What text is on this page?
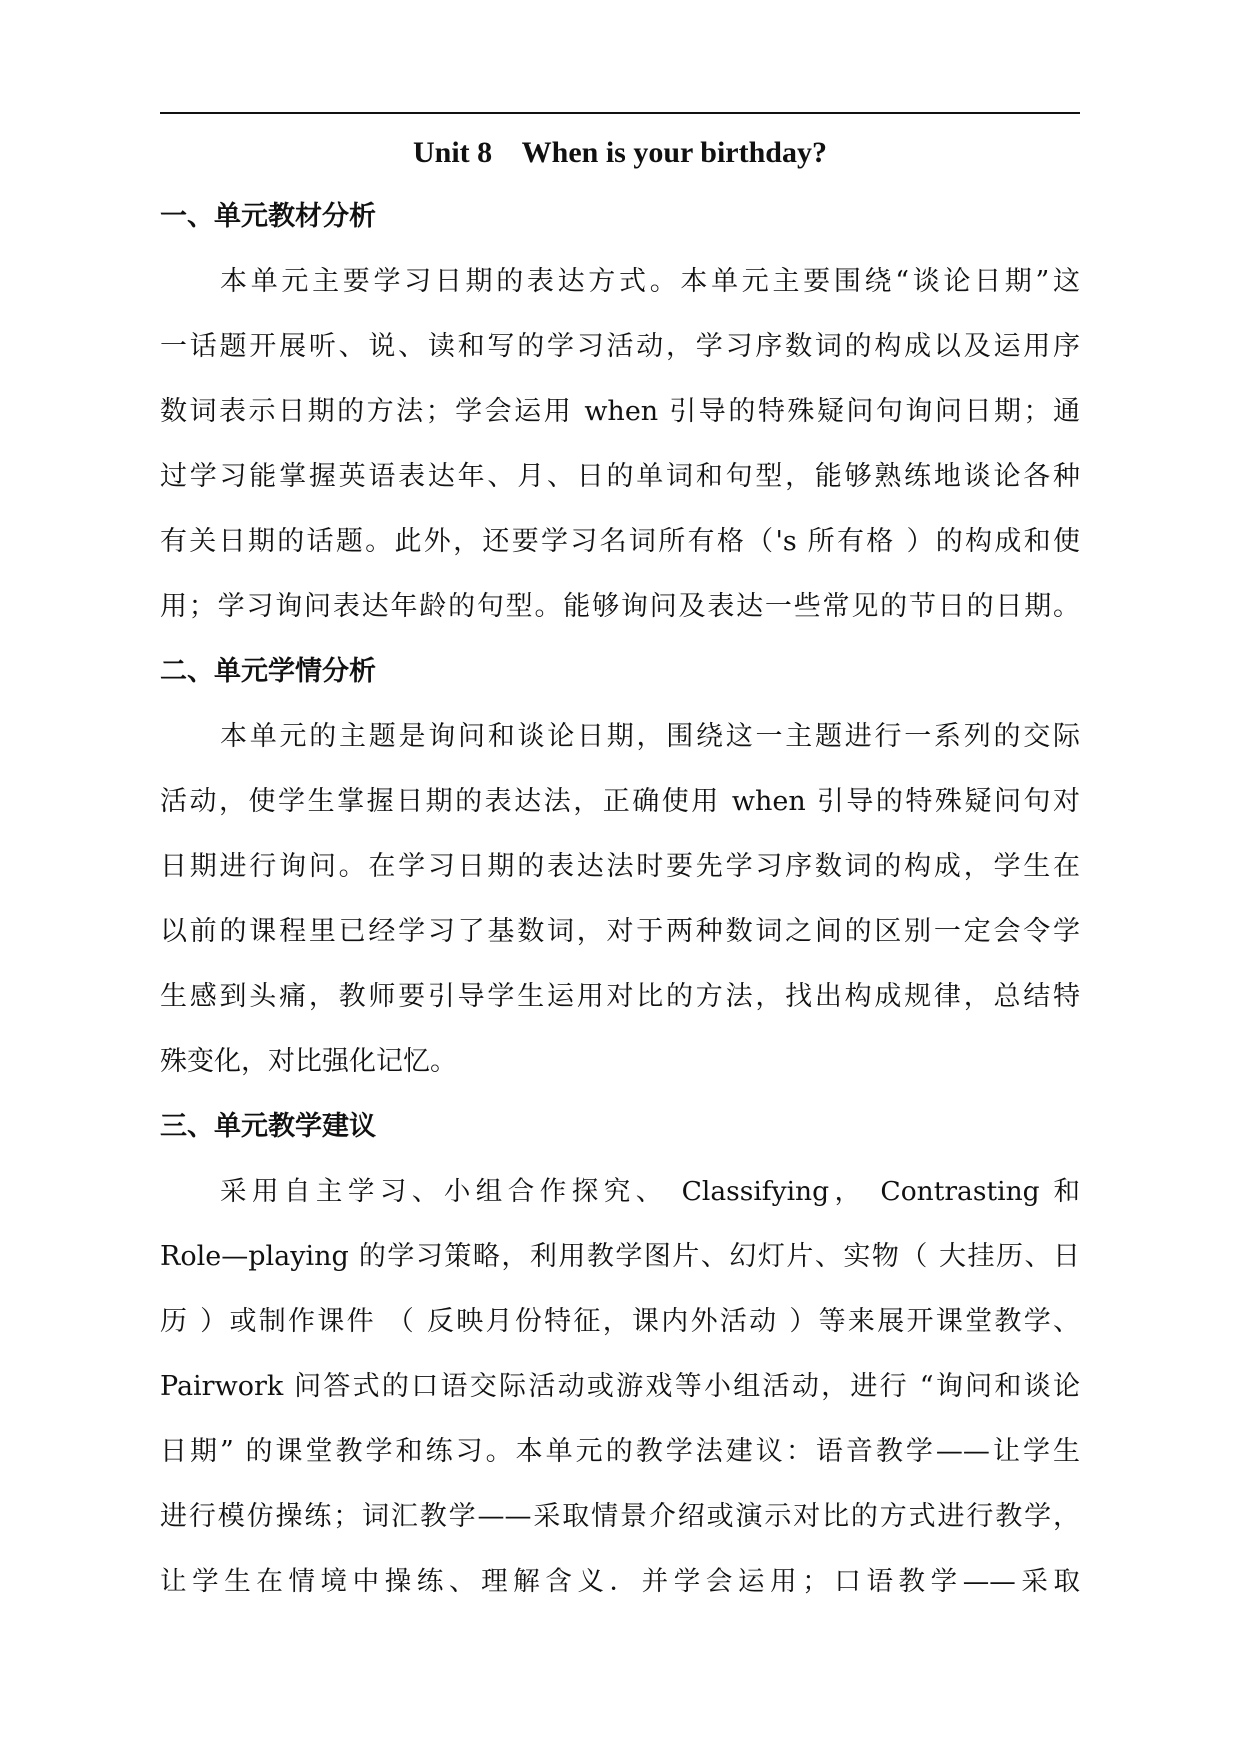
Unit 8    When is your birthday?
一、单元教材分析
本单元主要学习日期的表达方式。本单元主要围绕“谈论日期”这
一话题开展听、说、读和写的学习活动，学习序数词的构成以及运用序
数词表示日期的方法；学会运用 when 引导的特殊疑问句询问日期；通
过学习能掌握英语表达年、月、日的单词和句型，能够熟练地谈论各种
有关日期的话题。此外，还要学习名词所有格（'s 所有格 ）的构成和使
用；学习询问表达年龄的句型。能够询问及表达一些常见的节日的日期。
二、单元学情分析
本单元的主题是询问和谈论日期，围绕这一主题进行一系列的交际
活动，使学生掌握日期的表达法，正确使用 when 引导的特殊疑问句对
日期进行询问。在学习日期的表达法时要先学习序数词的构成，学生在
以前的课程里已经学习了基数词，对于两种数词之间的区别一定会令学
生感到头痛，教师要引导学生运用对比的方法，找出构成规律，总结特
殊变化，对比强化记忆。
三、单元教学建议
采用自主学习、小组合作探究、 Classifying， Contrasting 和
Role—playing 的学习策略，利用教学图片、幻灯片、实物（ 大挂历、日
历 ）或制作课件 （ 反映月份特征，课内外活动 ）等来展开课堂教学、
Pairwork 问答式的口语交际活动或游戏等小组活动，进行 “询问和谈论
日期” 的课堂教学和练习。本单元的教学法建议：语音教学——让学生
进行模仿操练；词汇教学——采取情景介绍或演示对比的方式进行教学，
让学生在情境中操练、理解含义．并学会运用；口语教学——采取
